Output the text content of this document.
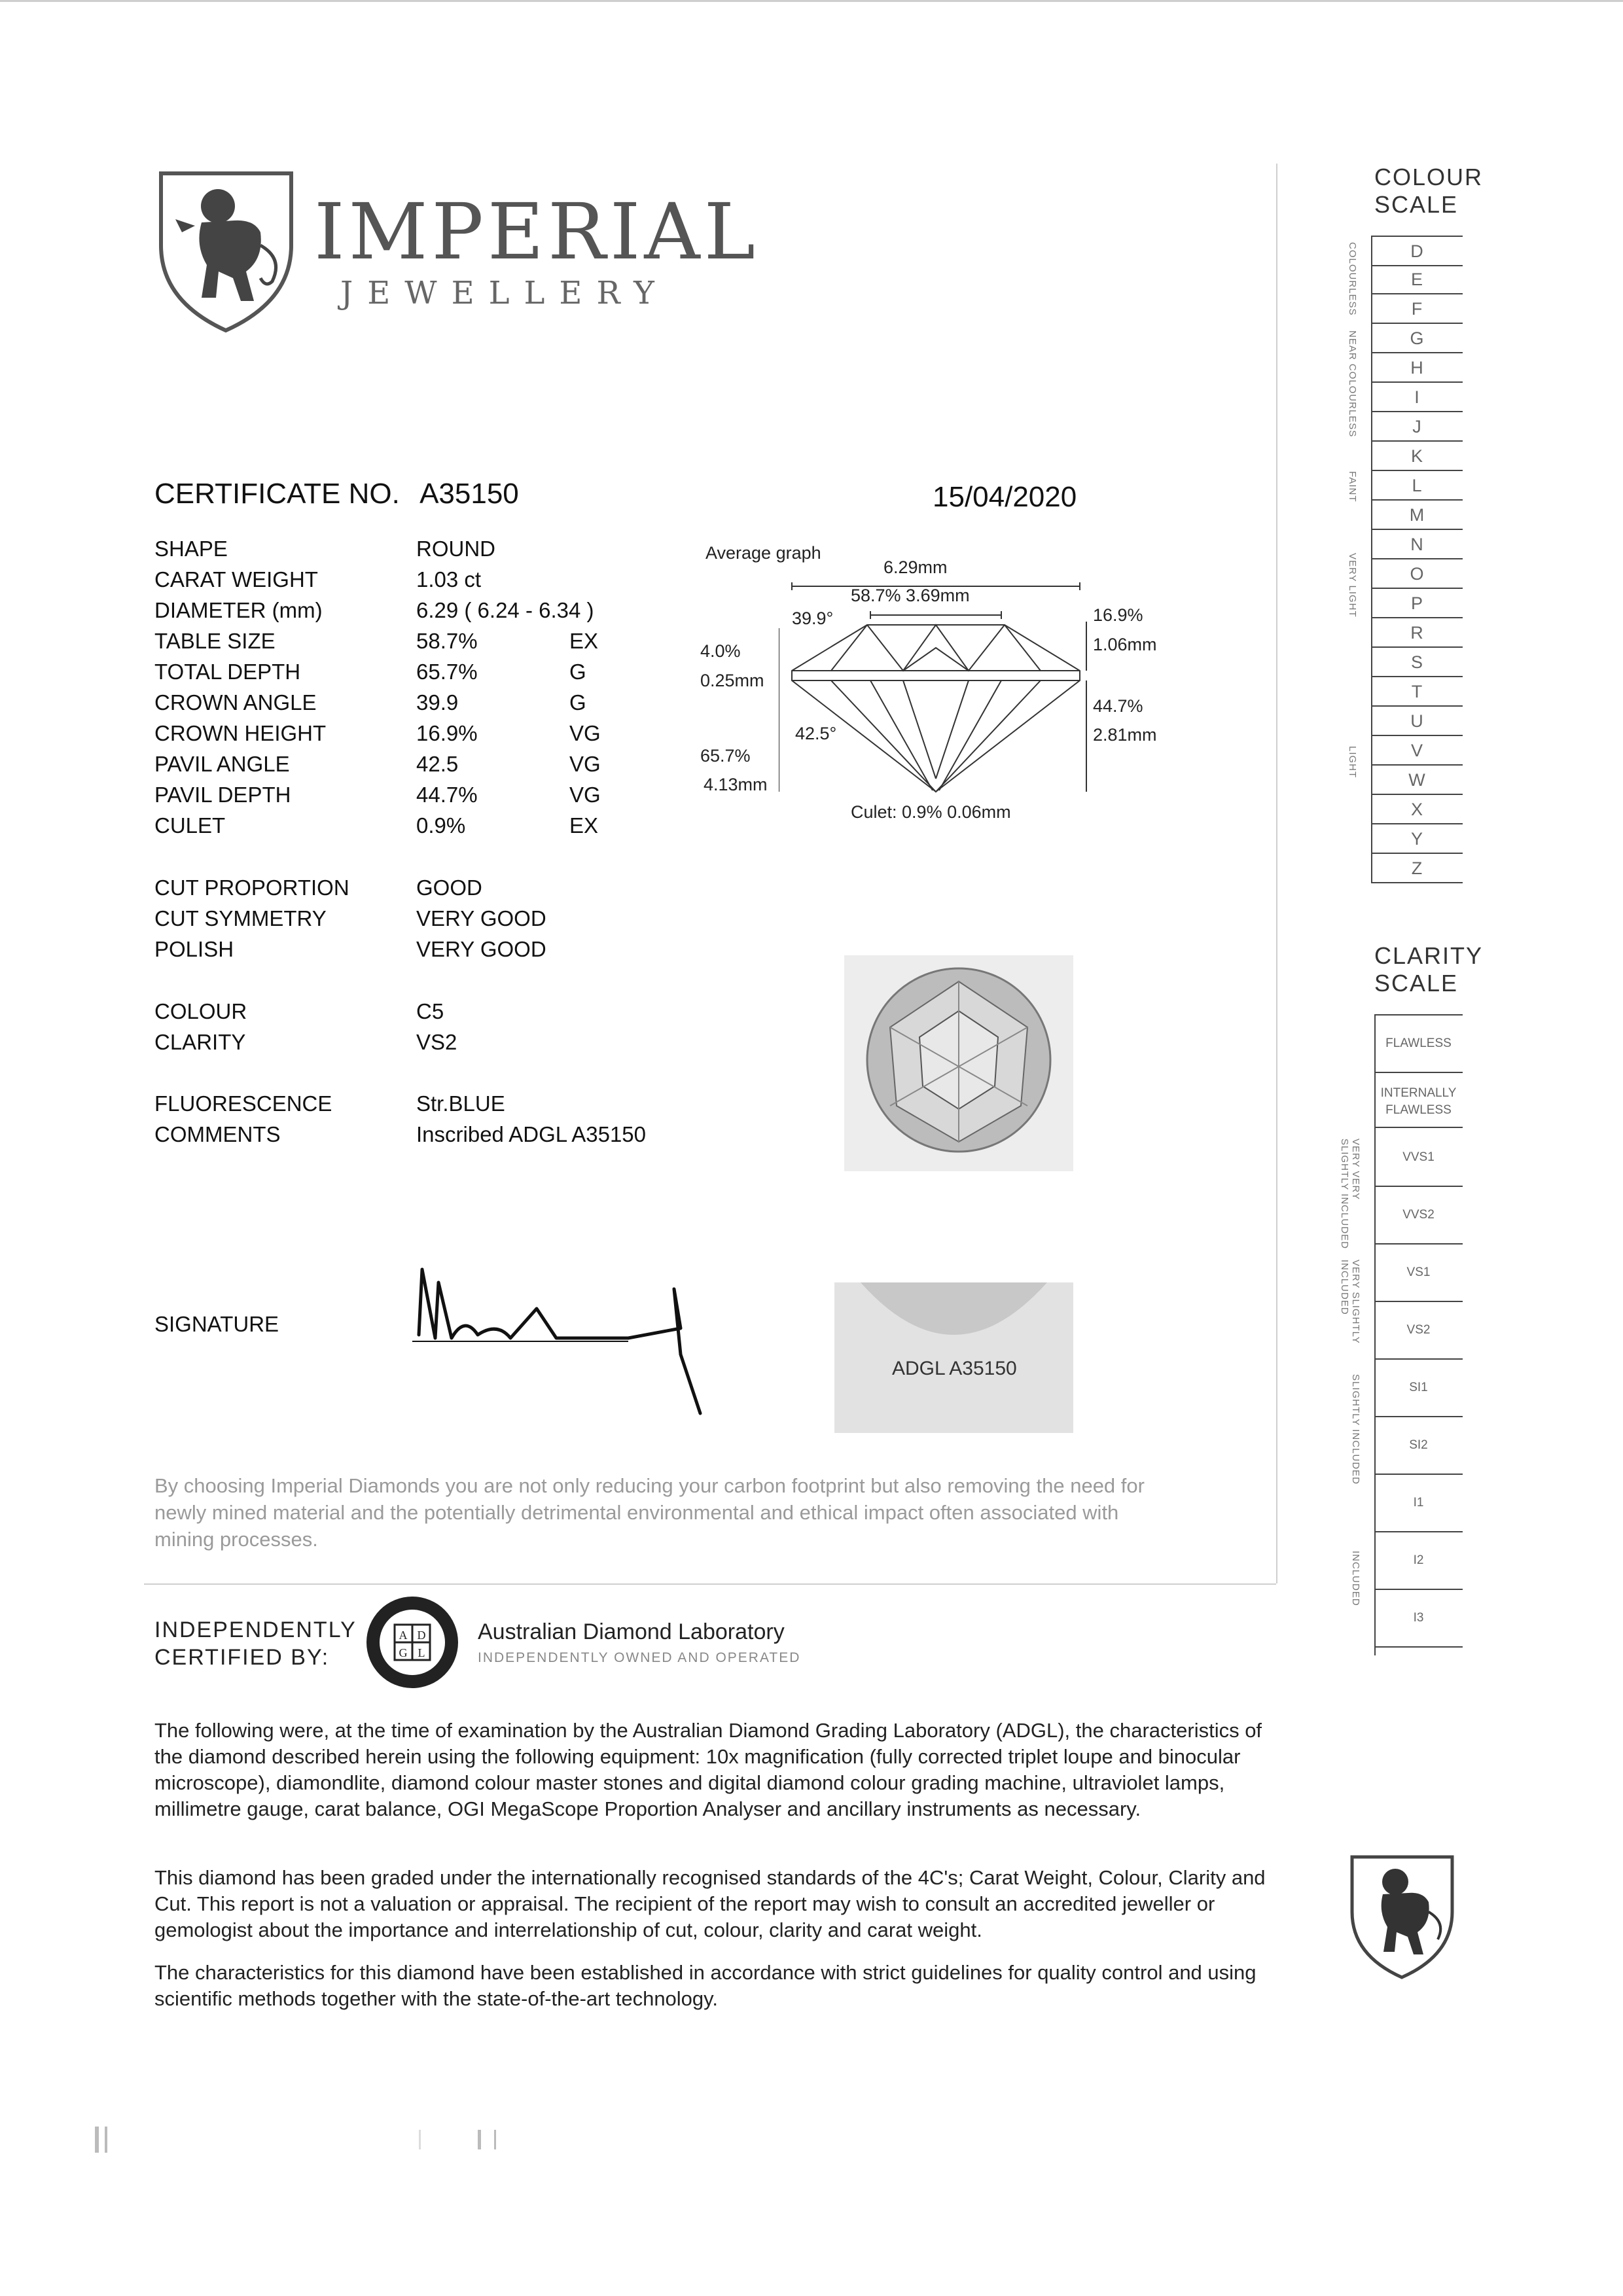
IMPERIAL
JEWELLERY
CERTIFICATE NO. A35150	15/04/2020
SHAPE	ROUND
CARAT WEIGHT	1.03 ct
DIAMETER (mm)	6.29 ( 6.24 - 6.34 )
TABLE SIZE	58.7%	EX
TOTAL DEPTH	65.7%	G
CROWN ANGLE	39.9	G
CROWN HEIGHT	16.9%	VG
PAVIL ANGLE	42.5	VG
PAVIL DEPTH	44.7%	VG
CULET	0.9%	EX
CUT PROPORTION	GOOD
CUT SYMMETRY	VERY GOOD
POLISH	VERY GOOD
COLOUR	C5
CLARITY	VS2
FLUORESCENCE	Str.BLUE
COMMENTS	Inscribed ADGL A35150
Average graph
6.29mm
58.7% 3.69mm
39.9°
4.0%
0.25mm
42.5°
65.7%
4.13mm
16.9%
1.06mm
44.7%
2.81mm
Culet: 0.9% 0.06mm
ADGL A35150
SIGNATURE
By choosing Imperial Diamonds you are not only reducing your carbon footprint but also removing the need for newly mined material and the potentially detrimental environmental and ethical impact often associated with mining processes.
INDEPENDENTLY
CERTIFIED BY:
A D
G L
Australian Diamond Laboratory
INDEPENDENTLY OWNED AND OPERATED
The following were, at the time of examination by the Australian Diamond Grading Laboratory (ADGL), the characteristics of the diamond described herein using the following equipment: 10x magnification (fully corrected triplet loupe and binocular microscope), diamondlite, diamond colour master stones and digital diamond colour grading machine, ultraviolet lamps, millimetre gauge, carat balance, OGI MegaScope Proportion Analyser and ancillary instruments as necessary.
This diamond has been graded under the internationally recognised standards of the 4C's; Carat Weight, Colour, Clarity and Cut. This report is not a valuation or appraisal. The recipient of the report may wish to consult an accredited jeweller or gemologist about the importance and interrelationship of cut, colour, clarity and carat weight.
The characteristics for this diamond have been established in accordance with strict guidelines for quality control and using scientific methods together with the state-of-the-art technology.
COLOUR
SCALE
D
E
F
G
H
I
J
K
L
M
N
O
P
R
S
T
U
V
W
X
Y
Z
COLOURLESS
NEAR COLOURLESS
FAINT
VERY LIGHT
LIGHT
CLARITY
SCALE
FLAWLESS
INTERNALLY FLAWLESS
VVS1
VVS2
VS1
VS2
SI1
SI2
I1
I2
I3
VERY VERY SLIGHTLY INCLUDED
VERY SLIGHTLY INCLUDED
SLIGHTLY INCLUDED
INCLUDED
